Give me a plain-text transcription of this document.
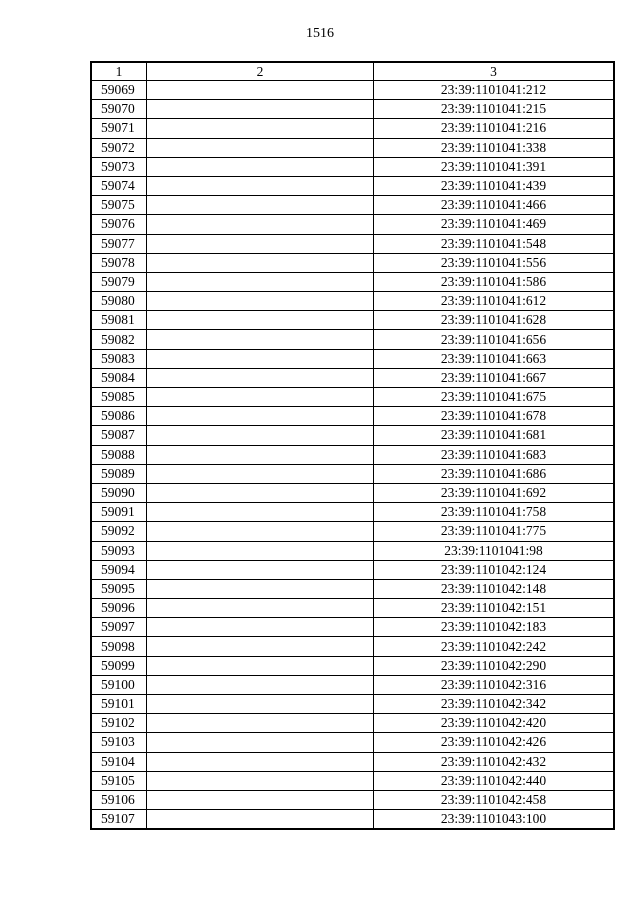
1516
1	2	3
59069		23:39:1101041:212
59070		23:39:1101041:215
59071		23:39:1101041:216
59072		23:39:1101041:338
59073		23:39:1101041:391
59074		23:39:1101041:439
59075		23:39:1101041:466
59076		23:39:1101041:469
59077		23:39:1101041:548
59078		23:39:1101041:556
59079		23:39:1101041:586
59080		23:39:1101041:612
59081		23:39:1101041:628
59082		23:39:1101041:656
59083		23:39:1101041:663
59084		23:39:1101041:667
59085		23:39:1101041:675
59086		23:39:1101041:678
59087		23:39:1101041:681
59088		23:39:1101041:683
59089		23:39:1101041:686
59090		23:39:1101041:692
59091		23:39:1101041:758
59092		23:39:1101041:775
59093		23:39:1101041:98
59094		23:39:1101042:124
59095		23:39:1101042:148
59096		23:39:1101042:151
59097		23:39:1101042:183
59098		23:39:1101042:242
59099		23:39:1101042:290
59100		23:39:1101042:316
59101		23:39:1101042:342
59102		23:39:1101042:420
59103		23:39:1101042:426
59104		23:39:1101042:432
59105		23:39:1101042:440
59106		23:39:1101042:458
59107		23:39:1101043:100
